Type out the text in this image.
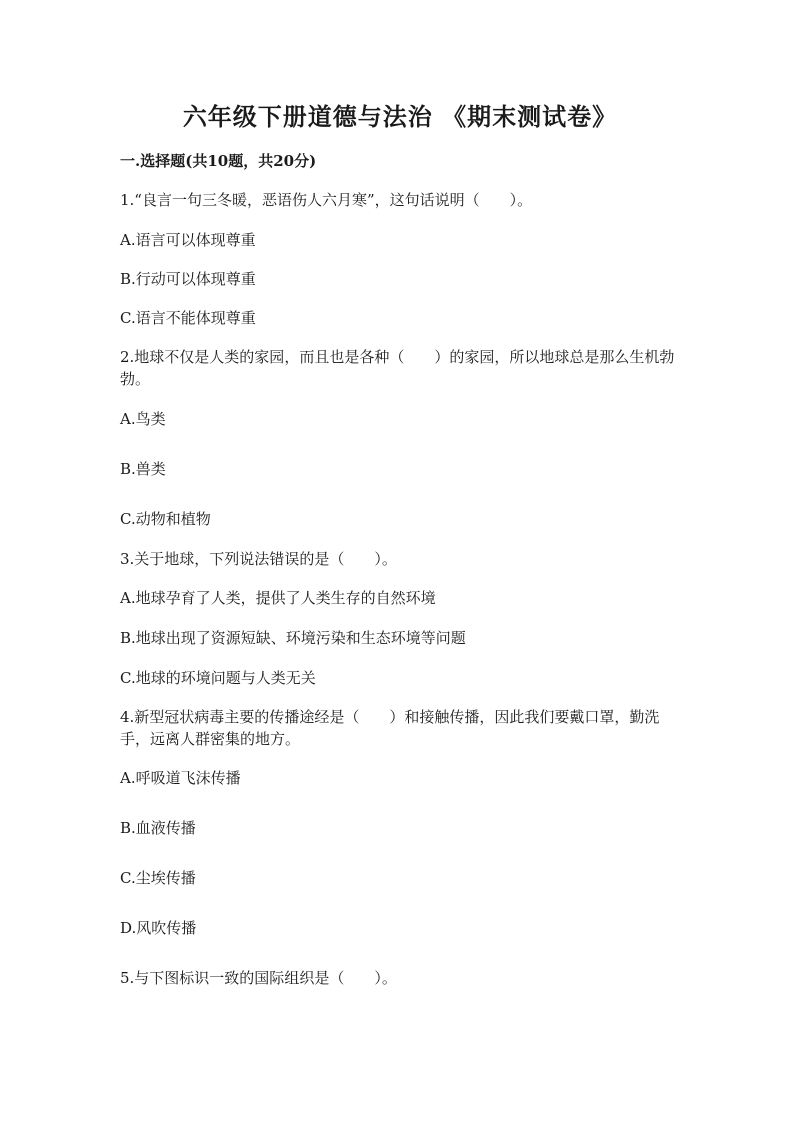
六年级下册道德与法治 《期末测试卷》
一.选择题(共10题，共20分)
1.“良言一句三冬暖，恶语伤人六月寒”，这句话说明（　　）。
A.语言可以体现尊重
B.行动可以体现尊重
C.语言不能体现尊重
2.地球不仅是人类的家园，而且也是各种（　　）的家园，所以地球总是那么生机勃勃。
A.鸟类
B.兽类
C.动物和植物
3.关于地球，下列说法错误的是（　　）。
A.地球孕育了人类，提供了人类生存的自然环境
B.地球出现了资源短缺、环境污染和生态环境等问题
C.地球的环境问题与人类无关
4.新型冠状病毒主要的传播途经是（　　）和接触传播，因此我们要戴口罩，勤洗手，远离人群密集的地方。
A.呼吸道飞沫传播
B.血液传播
C.尘埃传播
D.风吹传播
5.与下图标识一致的国际组织是（　　）。
